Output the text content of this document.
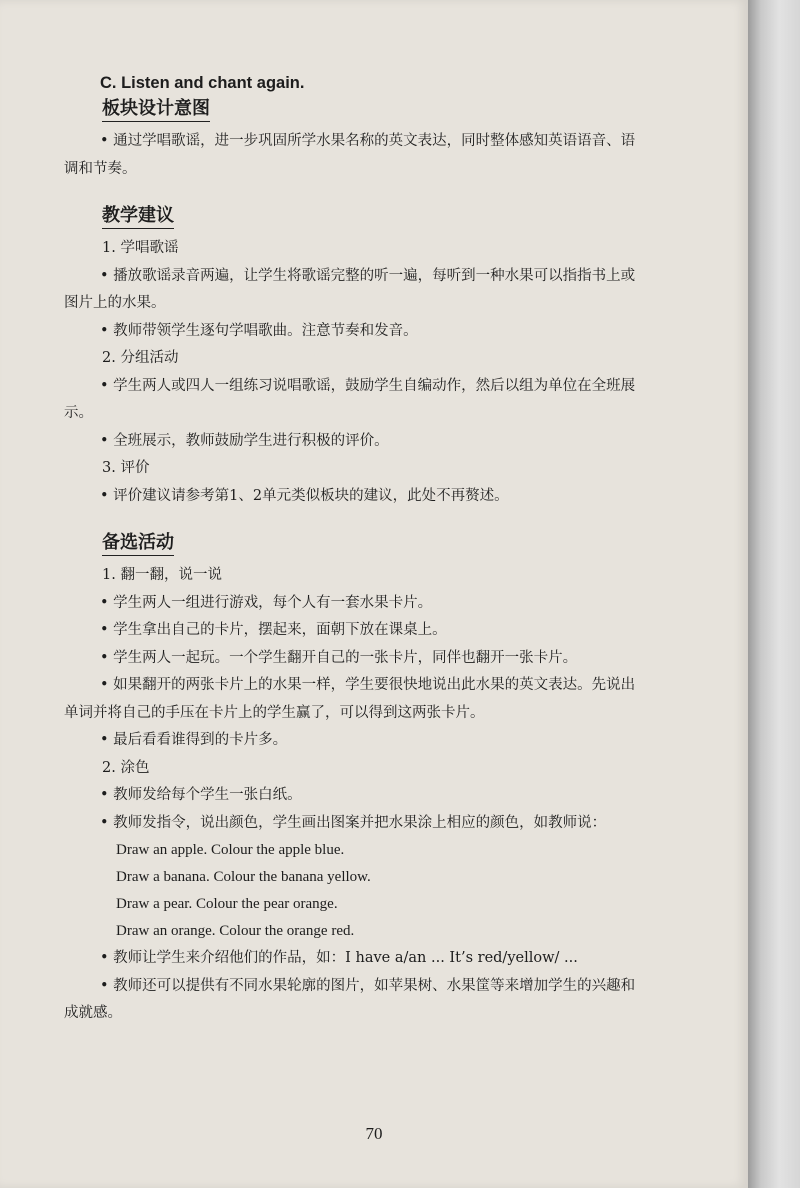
C. Listen and chant again.
板块设计意图

• 通过学唱歌谣，进一步巩固所学水果名称的英文表达，同时整体感知英语语音、语

调和节奏。

教学建议

1. 学唱歌谣

• 播放歌谣录音两遍，让学生将歌谣完整的听一遍，每听到一种水果可以指指书上或

图片上的水果。

• 教师带领学生逐句学唱歌曲。注意节奏和发音。

2. 分组活动

• 学生两人或四人一组练习说唱歌谣，鼓励学生自编动作，然后以组为单位在全班展

示。

• 全班展示，教师鼓励学生进行积极的评价。

3. 评价

• 评价建议请参考第1、2单元类似板块的建议，此处不再赘述。

备选活动

1. 翻一翻，说一说

• 学生两人一组进行游戏，每个人有一套水果卡片。

• 学生拿出自己的卡片，摆起来，面朝下放在课桌上。

• 学生两人一起玩。一个学生翻开自己的一张卡片，同伴也翻开一张卡片。

• 如果翻开的两张卡片上的水果一样，学生要很快地说出此水果的英文表达。先说出

单词并将自己的手压在卡片上的学生赢了，可以得到这两张卡片。

• 最后看看谁得到的卡片多。

2. 涂色

• 教师发给每个学生一张白纸。

• 教师发指令，说出颜色，学生画出图案并把水果涂上相应的颜色，如教师说：

Draw an apple. Colour the apple blue.

Draw a banana. Colour the banana yellow.

Draw a pear. Colour the pear orange.

Draw an orange. Colour the orange red.

• 教师让学生来介绍他们的作品，如：I have a/an ... It’s red/yellow/ ...

• 教师还可以提供有不同水果轮廓的图片，如苹果树、水果筐等来增加学生的兴趣和

成就感。

70
